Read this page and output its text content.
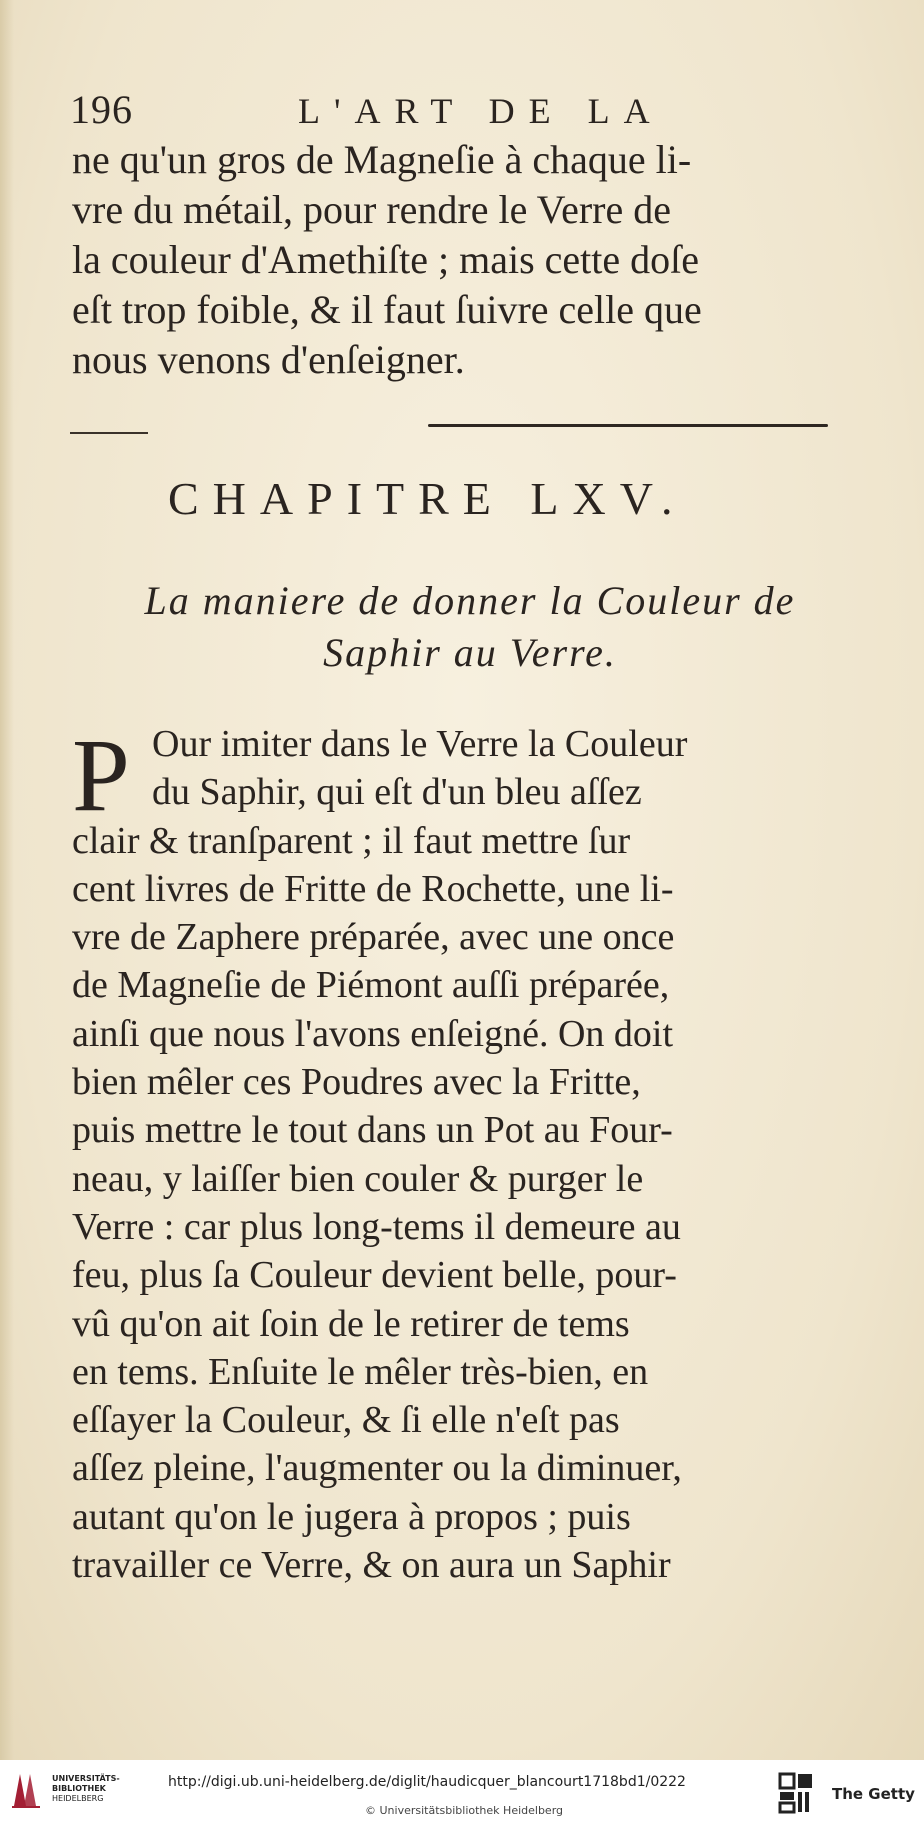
196	L'ART DE LA
ne qu'un gros de Magneſie à chaque li-
vre du métail, pour rendre le Verre de
la couleur d'Amethiſte ; mais cette doſe
eſt trop foible, & il faut ſuivre celle que
nous venons d'enſeigner.
CHAPITRE LXV.
La maniere de donner la Couleur de
Saphir au Verre.
P Our imiter dans le Verre la Couleur
du Saphir, qui eſt d'un bleu aſſez
clair & tranſparent ; il faut mettre ſur
cent livres de Fritte de Rochette, une li-
vre de Zaphere préparée, avec une once
de Magneſie de Piémont auſſi préparée,
ainſi que nous l'avons enſeigné. On doit
bien mêler ces Poudres avec la Fritte,
puis mettre le tout dans un Pot au Four-
neau, y laiſſer bien couler & purger le
Verre : car plus long-tems il demeure au
feu, plus ſa Couleur devient belle, pour-
vû qu'on ait ſoin de le retirer de tems
en tems. Enſuite le mêler très-bien, en
eſſayer la Couleur, & ſi elle n'eſt pas
aſſez pleine, l'augmenter ou la diminuer,
autant qu'on le jugera à propos ; puis
travailler ce Verre, & on aura un Saphir
UNIVERSITÄTS-
BIBLIOTHEK
HEIDELBERG
http://digi.ub.uni-heidelberg.de/diglit/haudicquer_blancourt1718bd1/0222
© Universitätsbibliothek Heidelberg
The Getty
